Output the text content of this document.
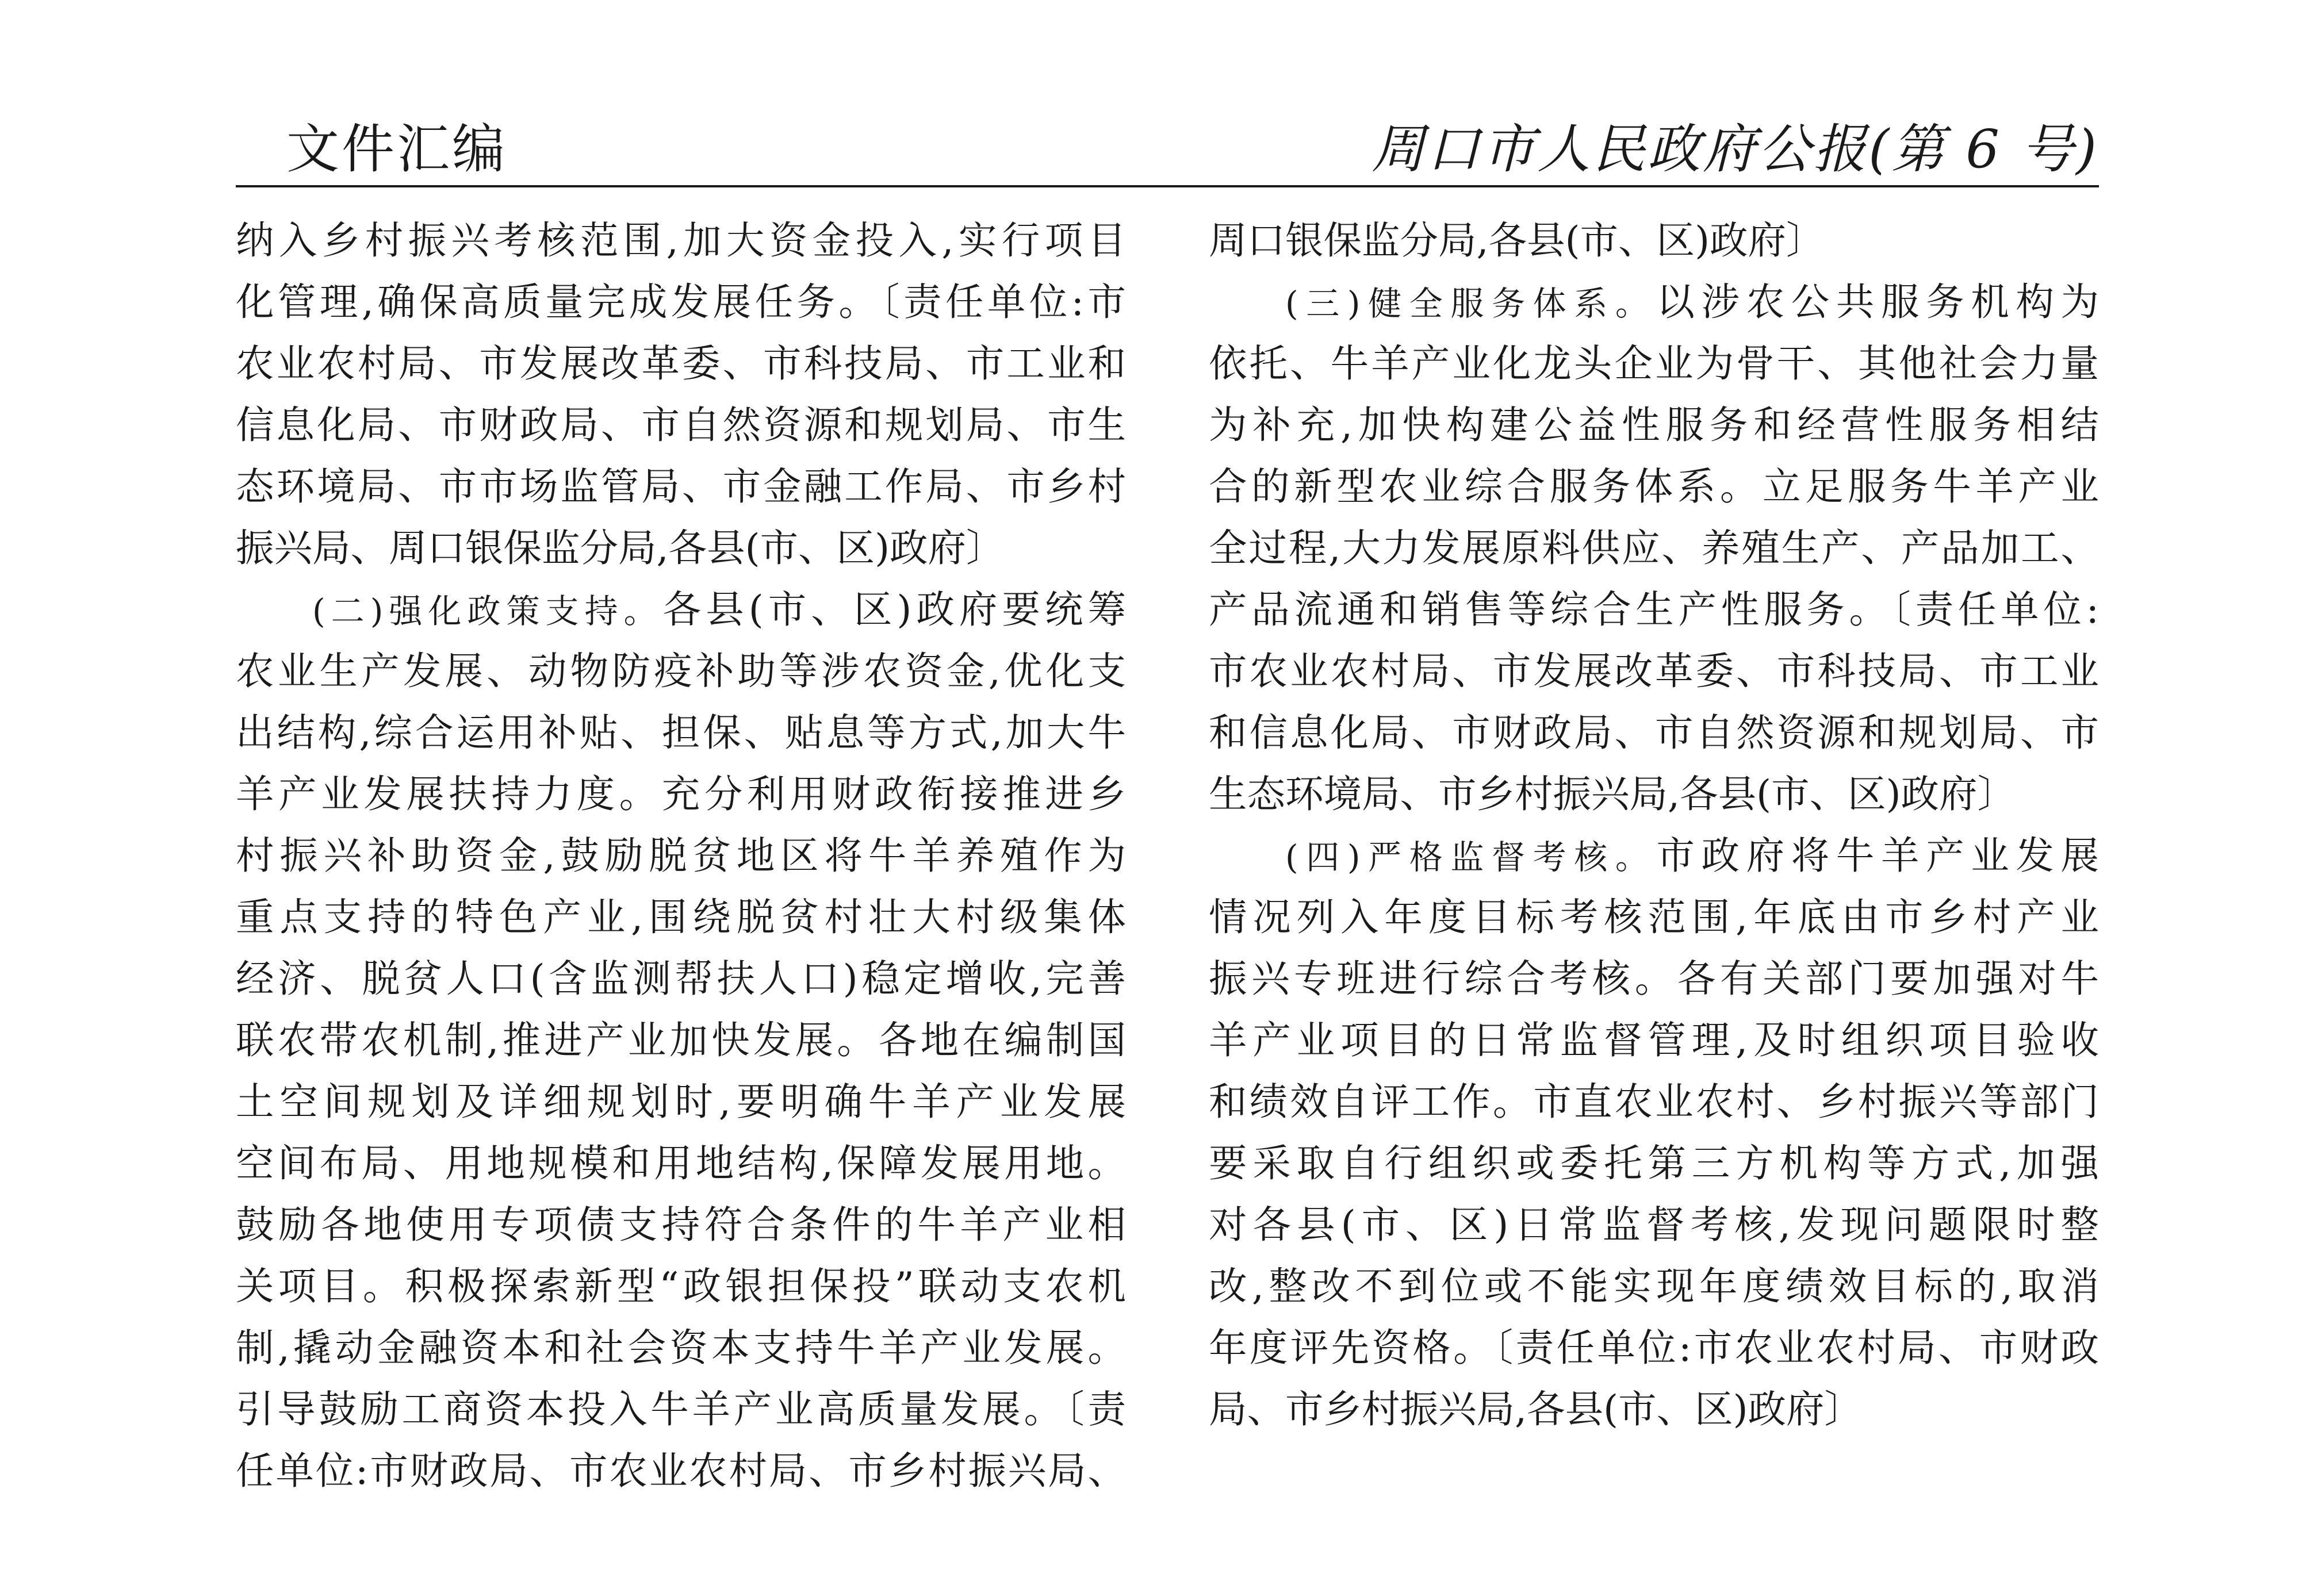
文件汇编	周口市人民政府公报(第 6 号)
纳入乡村振兴考核范围,加大资金投入,实行项目
化管理,确保高质量完成发展任务。〔责任单位:市
农业农村局、市发展改革委、市科技局、市工业和
信息化局、市财政局、市自然资源和规划局、市生
态环境局、市市场监管局、市金融工作局、市乡村
振兴局、周口银保监分局,各县(市、区)政府〕
(二)强化政策支持。各县(市、区)政府要统筹
农业生产发展、动物防疫补助等涉农资金,优化支
出结构,综合运用补贴、担保、贴息等方式,加大牛
羊产业发展扶持力度。充分利用财政衔接推进乡
村振兴补助资金,鼓励脱贫地区将牛羊养殖作为
重点支持的特色产业,围绕脱贫村壮大村级集体
经济、脱贫人口(含监测帮扶人口)稳定增收,完善
联农带农机制,推进产业加快发展。各地在编制国
土空间规划及详细规划时,要明确牛羊产业发展
空间布局、用地规模和用地结构,保障发展用地。
鼓励各地使用专项债支持符合条件的牛羊产业相
关项目。积极探索新型“政银担保投”联动支农机
制,撬动金融资本和社会资本支持牛羊产业发展。
引导鼓励工商资本投入牛羊产业高质量发展。〔责
任单位:市财政局、市农业农村局、市乡村振兴局、
周口银保监分局,各县(市、区)政府〕
(三)健全服务体系。以涉农公共服务机构为
依托、牛羊产业化龙头企业为骨干、其他社会力量
为补充,加快构建公益性服务和经营性服务相结
合的新型农业综合服务体系。立足服务牛羊产业
全过程,大力发展原料供应、养殖生产、产品加工、
产品流通和销售等综合生产性服务。〔责任单位:
市农业农村局、市发展改革委、市科技局、市工业
和信息化局、市财政局、市自然资源和规划局、市
生态环境局、市乡村振兴局,各县(市、区)政府〕
(四)严格监督考核。市政府将牛羊产业发展
情况列入年度目标考核范围,年底由市乡村产业
振兴专班进行综合考核。各有关部门要加强对牛
羊产业项目的日常监督管理,及时组织项目验收
和绩效自评工作。市直农业农村、乡村振兴等部门
要采取自行组织或委托第三方机构等方式,加强
对各县(市、区)日常监督考核,发现问题限时整
改,整改不到位或不能实现年度绩效目标的,取消
年度评先资格。〔责任单位:市农业农村局、市财政
局、市乡村振兴局,各县(市、区)政府〕
